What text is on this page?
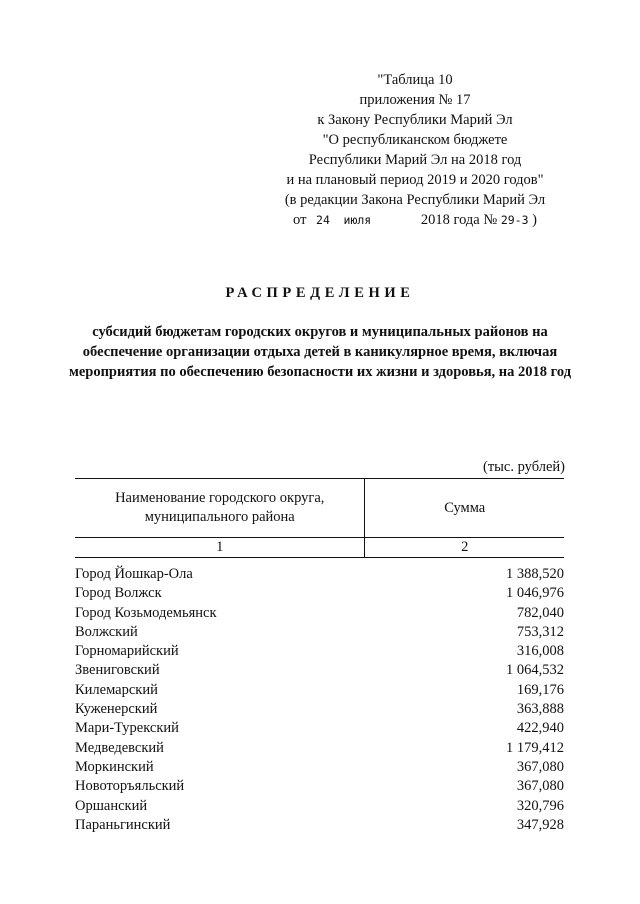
"Таблица 10
приложения № 17
к Закону Республики Марий Эл
"О республиканском бюджете
Республики Марий Эл на 2018 год
и на плановый период 2019 и 2020 годов"
(в редакции Закона Республики Марий Эл
от 24 июля	2018 года № 29-З )
РАСПРЕДЕЛЕНИЕ
субсидий бюджетам городских округов и муниципальных районов на обеспечение организации отдыха детей в каникулярное время, включая мероприятия по обеспечению безопасности их жизни и здоровья, на 2018 год
(тыс. рублей)
Наименование городского округа, муниципального района	Сумма
1	2
Город Йошкар-Ола	1 388,520
Город Волжск	1 046,976
Город Козьмодемьянск	782,040
Волжский	753,312
Горномарийский	316,008
Звениговский	1 064,532
Килемарский	169,176
Куженерский	363,888
Мари-Турекский	422,940
Медведевский	1 179,412
Моркинский	367,080
Новоторъяльский	367,080
Оршанский	320,796
Параньгинский	347,928
